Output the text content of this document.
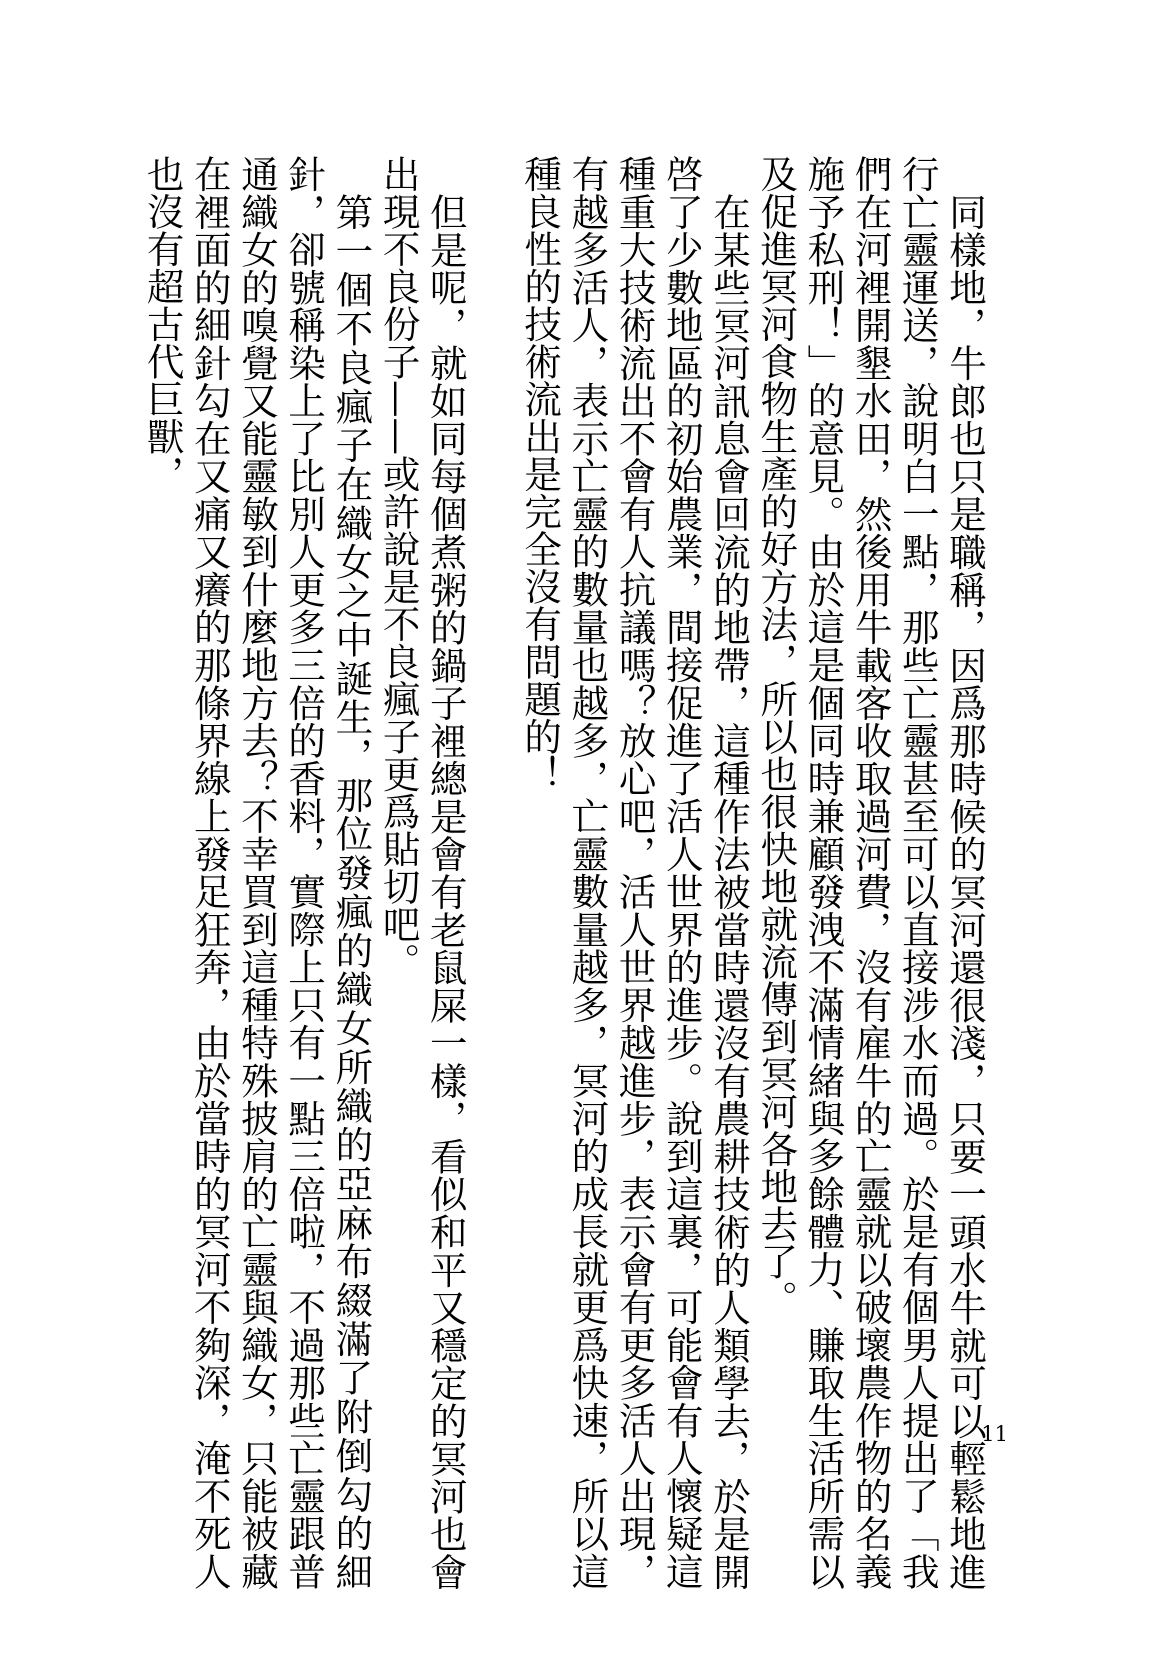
同樣地，牛郎也只是職稱，因爲那時候的冥河還很淺，只要一頭水牛就可以輕鬆地進行亡靈運送，說明白一點，那些亡靈甚至可以直接涉水而過。於是有個男人提出了「我們在河裡開墾水田，然後用牛載客收取過河費，沒有雇牛的亡靈就以破壞農作物的名義施予私刑！」的意見。由於這是個同時兼顧發洩不滿情緒與多餘體力、賺取生活所需以及促進冥河食物生產的好方法，所以也很快地就流傳到冥河各地去了。

在某些冥河訊息會回流的地帶，這種作法被當時還沒有農耕技術的人類學去，於是開啓了少數地區的初始農業，間接促進了活人世界的進步。說到這裏，可能會有人懷疑這種重大技術流出不會有人抗議嗎？放心吧，活人世界越進步，表示會有更多活人出現，有越多活人，表示亡靈的數量也越多，亡靈數量越多，冥河的成長就更爲快速，所以這種良性的技術流出是完全沒有問題的！

但是呢，就如同每個煮粥的鍋子裡總是會有老鼠屎一樣，看似和平又穩定的冥河也會出現不良份子——或許說是不良瘋子更爲貼切吧。

第一個不良瘋子在織女之中誕生，那位發瘋的織女所織的亞麻布綴滿了附倒勾的細針，卻號稱染上了比別人更多三倍的香料，實際上只有一點三倍啦，不過那些亡靈跟普通織女的嗅覺又能靈敏到什麼地方去？不幸買到這種特殊披肩的亡靈與織女，只能被藏在裡面的細針勾在又痛又癢的那條界線上發足狂奔，由於當時的冥河不夠深，淹不死人也沒有超古代巨獸，

11
